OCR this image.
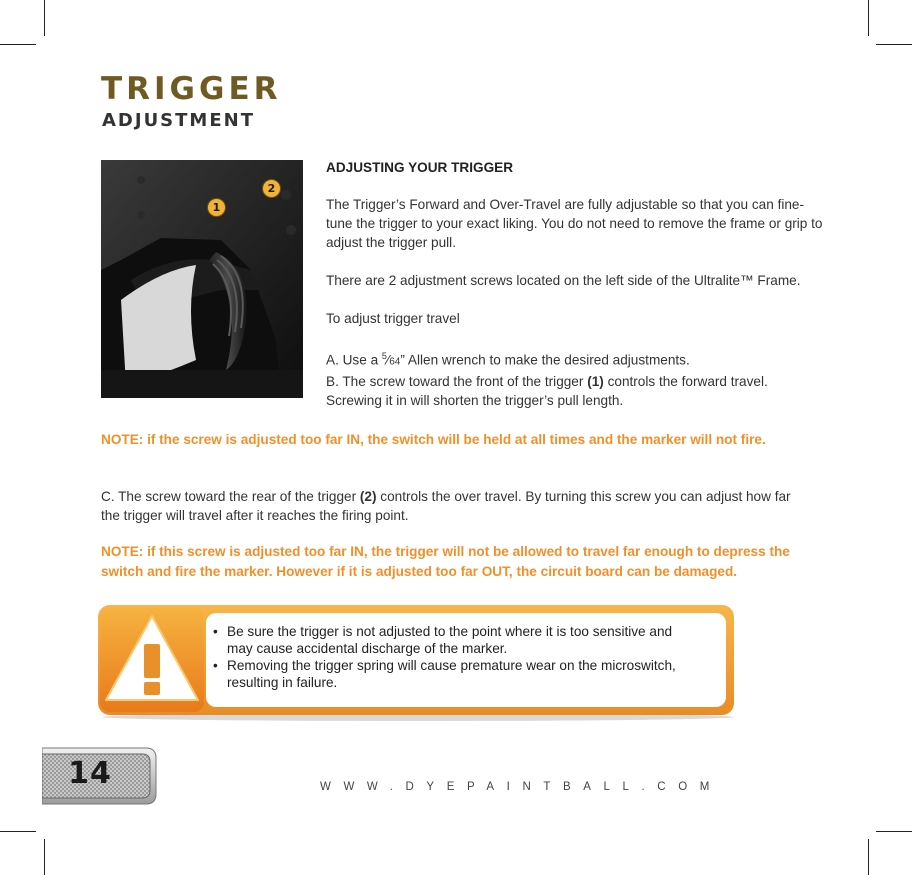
TRIGGER
ADJUSTMENT
1
2

ADJUSTING YOUR TRIGGER

The Trigger’s Forward and Over-Travel are fully adjustable so that you can fine-tune the trigger to your exact liking. You do not need to remove the frame or grip to adjust the trigger pull.

There are 2 adjustment screws located on the left side of the Ultralite™ Frame.

To adjust trigger travel

A. Use a $^5$⁄64” Allen wrench to make the desired adjustments.

B. The screw toward the front of the trigger (1) controls the forward travel. Screwing it in will shorten the trigger’s pull length.

NOTE: if the screw is adjusted too far IN, the switch will be held at all times and the marker will not fire.

C. The screw toward the rear of the trigger (2) controls the over travel. By turning this screw you can adjust how far the trigger will travel after it reaches the firing point.

NOTE: if this screw is adjusted too far IN, the trigger will not be allowed to travel far enough to depress the switch and fire the marker. However if it is adjusted too far OUT, the circuit board can be damaged.

• Be sure the trigger is not adjusted to the point where it is too sensitive and may cause accidental discharge of the marker.
• Removing the trigger spring will cause premature wear on the microswitch, resulting in failure.
14	WWW.DYEPAINTBALL.COM
